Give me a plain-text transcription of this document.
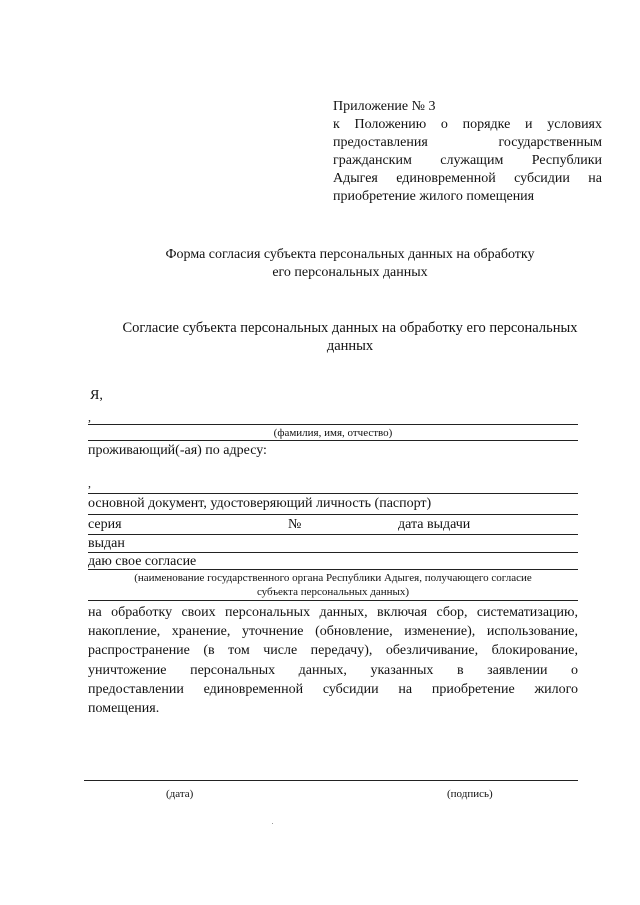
Приложение № 3
к Положению о порядке и условиях
предоставления государственным
гражданским служащим Республики
Адыгея единовременной субсидии на
приобретение жилого помещения
Форма согласия субъекта персональных данных на обработку
его персональных данных
Согласие субъекта персональных данных на обработку его персональных
данных
Я,
,
(фамилия, имя, отчество)
проживающий(-ая) по адресу:
,
основной документ, удостоверяющий личность (паспорт)
серия	№	дата выдачи
выдан
даю свое согласие
(наименование государственного органа Республики Адыгея, получающего согласие
субъекта персональных данных)
на обработку своих персональных данных, включая сбор, систематизацию,
накопление, хранение, уточнение (обновление, изменение), использование,
распространение (в том числе передачу), обезличивание, блокирование,
уничтожение персональных данных, указанных в заявлении о
предоставлении единовременной субсидии на приобретение жилого
помещения.
(дата)	(подпись)
